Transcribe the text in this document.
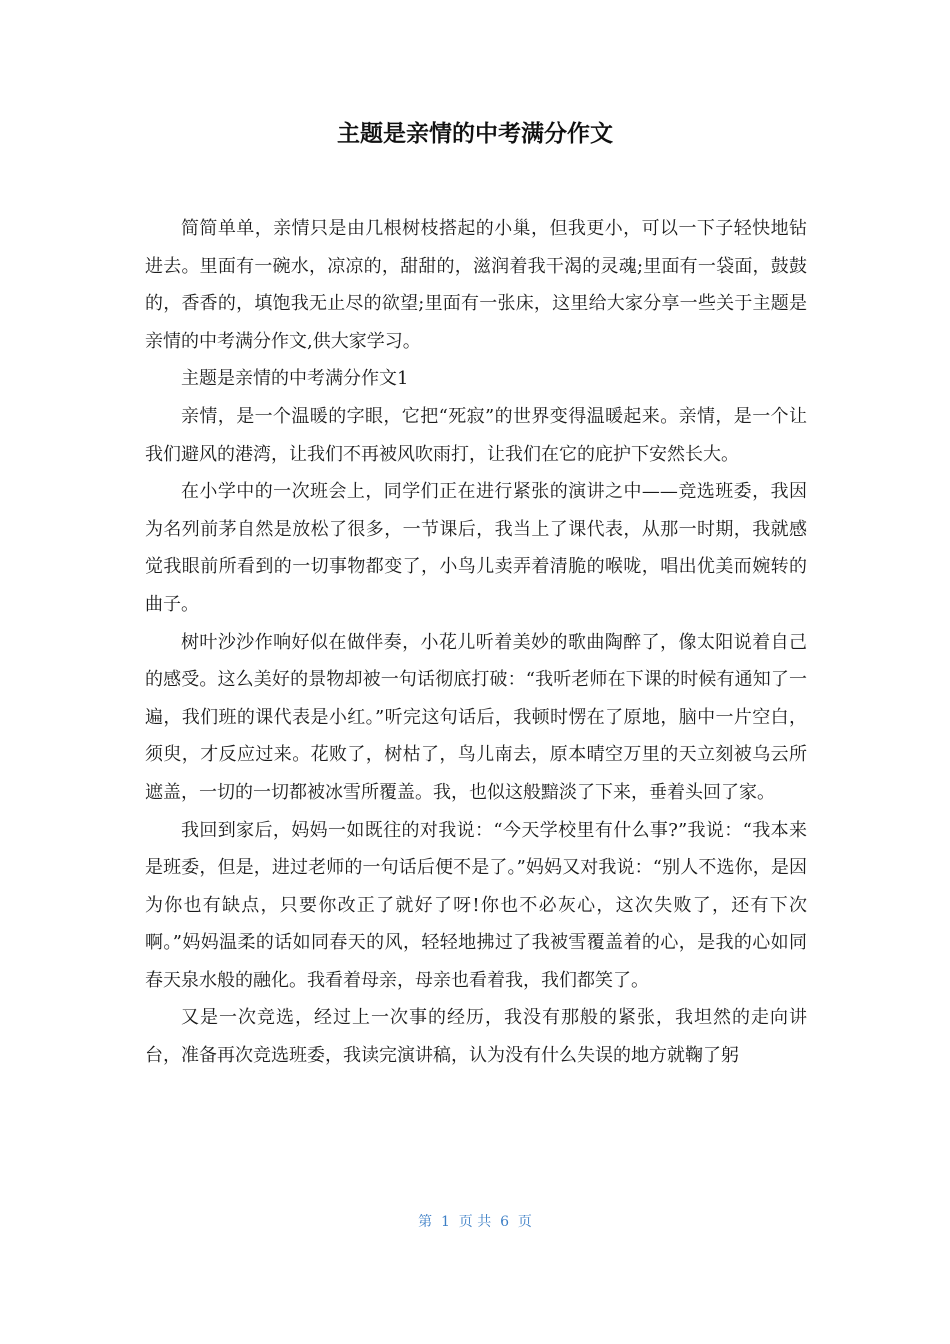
主题是亲情的中考满分作文

简简单单，亲情只是由几根树枝搭起的小巢，但我更小，可以一下子轻快地钻进去。里面有一碗水，凉凉的，甜甜的，滋润着我干渴的灵魂;里面有一袋面，鼓鼓的，香香的，填饱我无止尽的欲望;里面有一张床，这里给大家分享一些关于主题是亲情的中考满分作文,供大家学习。

主题是亲情的中考满分作文1

亲情，是一个温暖的字眼，它把“死寂”的世界变得温暖起来。亲情，是一个让我们避风的港湾，让我们不再被风吹雨打，让我们在它的庇护下安然长大。

在小学中的一次班会上，同学们正在进行紧张的演讲之中——竞选班委，我因为名列前茅自然是放松了很多，一节课后，我当上了课代表，从那一时期，我就感觉我眼前所看到的一切事物都变了，小鸟儿卖弄着清脆的喉咙，唱出优美而婉转的曲子。

树叶沙沙作响好似在做伴奏，小花儿听着美妙的歌曲陶醉了，像太阳说着自己的感受。这么美好的景物却被一句话彻底打破：“我听老师在下课的时候有通知了一遍，我们班的课代表是小红。”听完这句话后，我顿时愣在了原地，脑中一片空白，须臾，才反应过来。花败了，树枯了，鸟儿南去，原本晴空万里的天立刻被乌云所遮盖，一切的一切都被冰雪所覆盖。我，也似这般黯淡了下来，垂着头回了家。

我回到家后，妈妈一如既往的对我说：“今天学校里有什么事?”我说：“我本来是班委，但是，进过老师的一句话后便不是了。”妈妈又对我说：“别人不选你，是因为你也有缺点，只要你改正了就好了呀!你也不必灰心，这次失败了，还有下次啊。”妈妈温柔的话如同春天的风，轻轻地拂过了我被雪覆盖着的心，是我的心如同春天泉水般的融化。我看着母亲，母亲也看着我，我们都笑了。

又是一次竞选，经过上一次事的经历，我没有那般的紧张，我坦然的走向讲台，准备再次竞选班委，我读完演讲稿，认为没有什么失误的地方就鞠了躬

第  1  页 共  6  页
